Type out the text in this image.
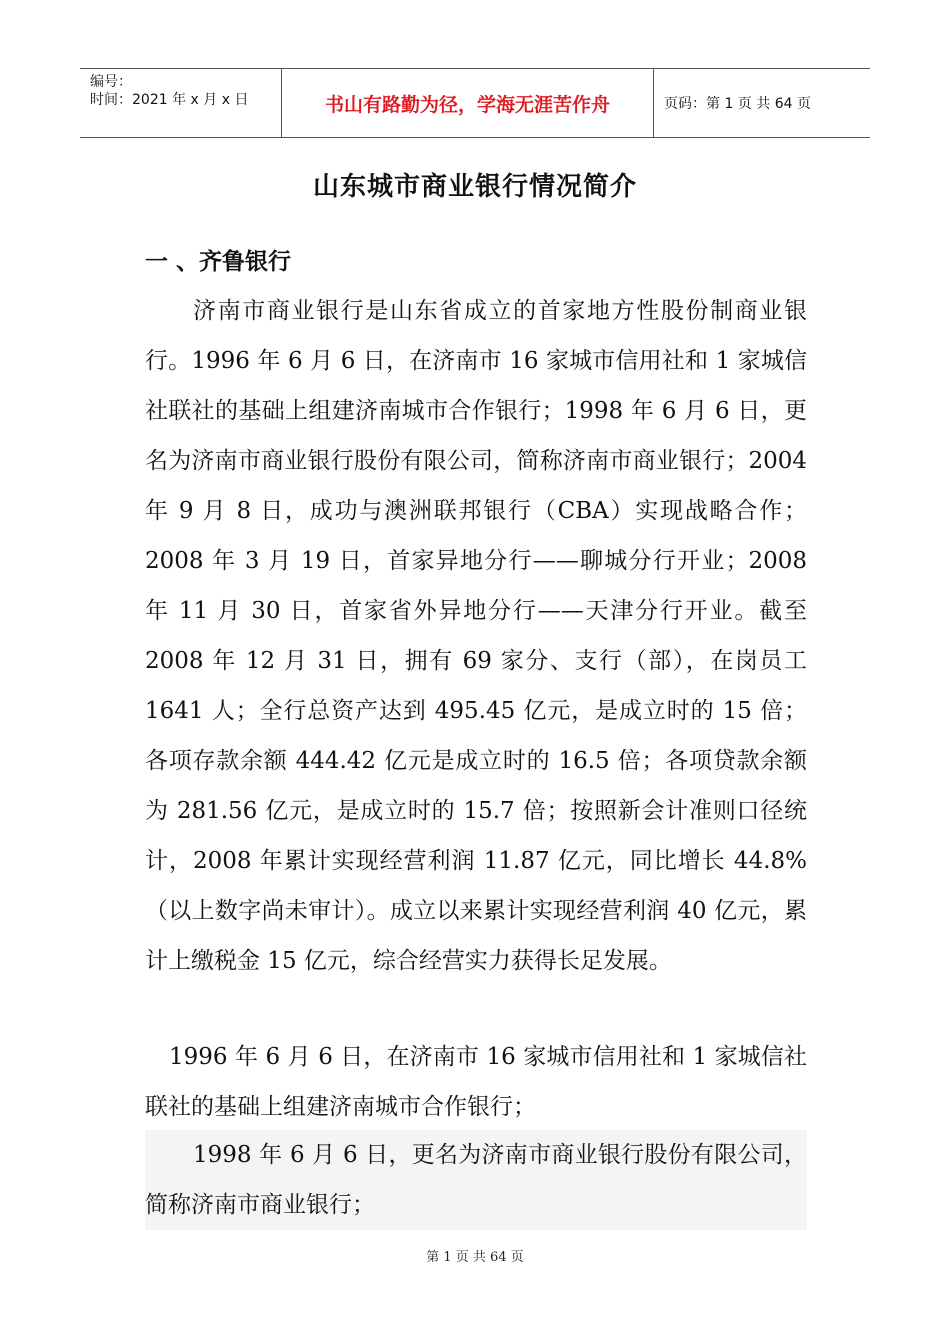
编号：
时间：2021 年 x 月 x 日	书山有路勤为径，学海无涯苦作舟	页码：第 1 页 共 64 页
山东城市商业银行情况简介
一 、齐鲁银行

济南市商业银行是山东省成立的首家地方性股份制商业银行。1996 年 6 月 6 日，在济南市 16 家城市信用社和 1 家城信社联社的基础上组建济南城市合作银行；1998 年 6 月 6 日，更名为济南市商业银行股份有限公司，简称济南市商业银行；2004 年 9 月 8 日，成功与澳洲联邦银行（CBA）实现战略合作；2008 年 3 月 19 日，首家异地分行——聊城分行开业；2008 年 11 月 30 日，首家省外异地分行——天津分行开业。截至 2008 年 12 月 31 日，拥有 69 家分、支行（部），在岗员工 1641 人；全行总资产达到 495.45 亿元，是成立时的 15 倍；各项存款余额 444.42 亿元是成立时的 16.5 倍；各项贷款余额为 281.56 亿元，是成立时的 15.7 倍；按照新会计准则口径统计，2008 年累计实现经营利润 11.87 亿元，同比增长 44.8%（以上数字尚未审计）。成立以来累计实现经营利润 40 亿元，累计上缴税金 15 亿元，综合经营实力获得长足发展。

1996 年 6 月 6 日，在济南市 16 家城市信用社和 1 家城信社联社的基础上组建济南城市合作银行；

1998 年 6 月 6 日，更名为济南市商业银行股份有限公司，简称济南市商业银行；

第 1 页 共 64 页
